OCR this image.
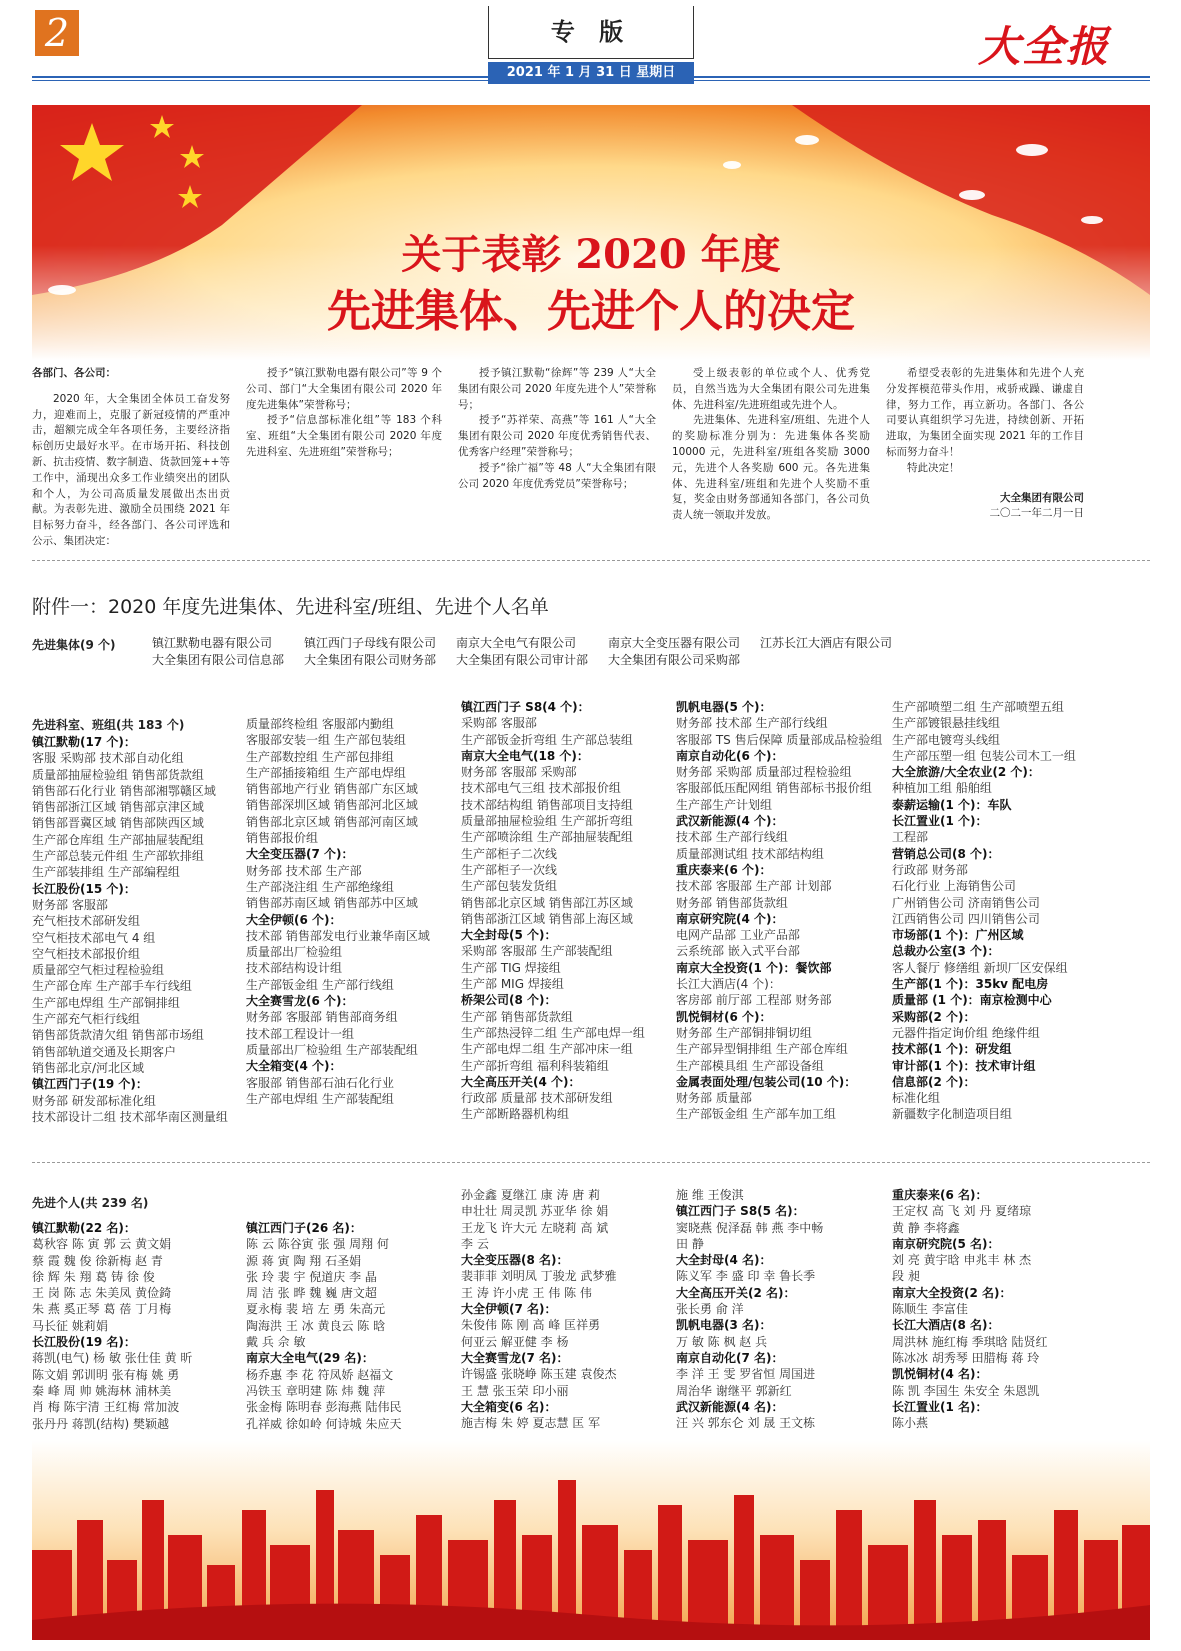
2	专 版
2021 年 1 月 31 日 星期日
大全报
关于表彰 2020 年度
先进集体、先进个人的决定
各部门、各公司：
2020 年，大全集团全体员工奋发努力，迎难而上，克服了新冠疫情的严重冲击，超额完成全年各项任务，主要经济指标创历史最好水平。在市场开拓、科技创新、抗击疫情、数字制造、货款回笼++等工作中，涌现出众多工作业绩突出的团队和个人，为公司高质量发展做出杰出贡献。为表彰先进、激励全员围绕 2021 年目标努力奋斗，经各部门、各公司评选和公示、集团决定：
授予“镇江默勒电器有限公司”等 9 个公司、部门“大全集团有限公司 2020 年度先进集体”荣誉称号；
授予“信息部标准化组”等 183 个科室、班组“大全集团有限公司 2020 年度先进科室、先进班组”荣誉称号；
授予镇江默勒“徐辉”等 239 人“大全集团有限公司 2020 年度先进个人”荣誉称号；
授予“苏祥荣、高燕”等 161 人“大全集团有限公司 2020 年度优秀销售代表、优秀客户经理”荣誉称号；
授予“徐广福”等 48 人“大全集团有限公司 2020 年度优秀党员”荣誉称号；
受上级表彰的单位或个人、优秀党员，自然当选为大全集团有限公司先进集体、先进科室/先进班组或先进个人。
先进集体、先进科室/班组、先进个人的奖励标准分别为：先进集体各奖励 10000 元，先进科室/班组各奖励 3000 元，先进个人各奖励 600 元。各先进集体、先进科室/班组和先进个人奖励不重复，奖金由财务部通知各部门，各公司负责人统一领取并发放。
希望受表彰的先进集体和先进个人充分发挥模范带头作用，戒骄戒躁、谦虚自律，努力工作，再立新功。各部门、各公司要认真组织学习先进，持续创新、开拓进取，为集团全面实现 2021 年的工作目标而努力奋斗！
特此决定！
大全集团有限公司
二〇二一年二月一日
附件一：2020 年度先进集体、先进科室/班组、先进个人名单
先进集体(9 个)	镇江默勒电器有限公司	镇江西门子母线有限公司 南京大全电气有限公司	南京大全变压器有限公司 江苏长江大酒店有限公司
大全集团有限公司信息部 大全集团有限公司财务部 大全集团有限公司审计部 大全集团有限公司采购部
先进科室、班组(共 183 个)
镇江默勒(17 个)：
客服 采购部 技术部自动化组
质量部抽屉检验组 销售部货款组
销售部石化行业 销售部湘鄂赣区域
销售部浙江区域 销售部京津区域
销售部晋冀区域 销售部陕西区域
生产部仓库组 生产部抽屉装配组
生产部总装元件组 生产部软排组
生产部装排组 生产部编程组
长江股份(15 个)：
财务部 客服部
充气柜技术部研发组
空气柜技术部电气 4 组
空气柜技术部报价组
质量部空气柜过程检验组
生产部仓库 生产部手车行线组
生产部电焊组 生产部铜排组
生产部充气柜行线组
销售部货款清欠组 销售部市场组
销售部轨道交通及长期客户
销售部北京/河北区域
镇江西门子(19 个)：
财务部 研发部标准化组
技术部设计二组 技术部华南区测量组
质量部终检组 客服部内勤组
客服部安装一组 生产部包装组
生产部数控组 生产部包排组
生产部插接箱组 生产部电焊组
销售部地产行业 销售部广东区域
销售部深圳区域 销售部河北区域
销售部北京区域 销售部河南区域
销售部报价组
大全变压器(7 个)：
财务部 技术部 生产部
生产部浇注组 生产部绝缘组
销售部苏南区域 销售部苏中区域
大全伊顿(6 个)：
技术部 销售部发电行业兼华南区域
质量部出厂检验组
技术部结构设计组
生产部钣金组 生产部行线组
大全赛雪龙(6 个)：
财务部 客服部 销售部商务组
技术部工程设计一组
质量部出厂检验组 生产部装配组
大全箱变(4 个)：
客服部 销售部石油石化行业
生产部电焊组 生产部装配组
镇江西门子 S8(4 个)：
采购部 客服部
生产部钣金折弯组 生产部总装组
南京大全电气(18 个)：
财务部 客服部 采购部
技术部电气三组 技术部报价组
技术部结构组 销售部项目支持组
质量部抽屉检验组 生产部折弯组
生产部喷涂组 生产部抽屉装配组
生产部柜子二次线
生产部柜子一次线
生产部包装发货组
销售部北京区域 销售部江苏区域
销售部浙江区域 销售部上海区域
大全封母(5 个)：
采购部 客服部 生产部装配组
生产部 TIG 焊接组
生产部 MIG 焊接组
桥架公司(8 个)：
生产部 销售部货款组
生产部热浸锌二组 生产部电焊一组
生产部电焊二组 生产部冲床一组
生产部折弯组 福利科装箱组
大全高压开关(4 个)：
行政部 质量部 技术部研发组
生产部断路器机构组
凯帆电器(5 个)：
财务部 技术部 生产部行线组
客服部 TS 售后保障 质量部成品检验组
南京自动化(6 个)：
财务部 采购部 质量部过程检验组
客服部低压配网组 销售部标书报价组
生产部生产计划组
武汉新能源(4 个)：
技术部 生产部行线组
质量部测试组 技术部结构组
重庆泰来(6 个)：
技术部 客服部 生产部 计划部
财务部 销售部货款组
南京研究院(4 个)：
电网产品部 工业产品部
云系统部 嵌入式平台部
南京大全投资(1 个)：餐饮部
长江大酒店(4 个)：
客房部 前厅部 工程部 财务部
凯悦铜材(6 个)：
财务部 生产部铜排铜切组
生产部异型铜排组 生产部仓库组
生产部模具组 生产部设备组
金属表面处理/包装公司(10 个)：
财务部 质量部
生产部钣金组 生产部车加工组
生产部喷塑二组 生产部喷塑五组
生产部镀银悬挂线组
生产部电镀弯头线组
生产部压塑一组 包装公司木工一组
大全旅游/大全农业(2 个)：
种植加工组 船舶组
泰薪运输(1 个)：车队
长江置业(1 个)：
工程部
营销总公司(8 个)：
行政部 财务部
石化行业 上海销售公司
广州销售公司 济南销售公司
江西销售公司 四川销售公司
市场部(1 个)：广州区域
总裁办公室(3 个)：
客人餐厅 修缮组 新坝厂区安保组
生产部(1 个)：35kv 配电房
质量部 (1 个)：南京检测中心
采购部(2 个)：
元器件指定询价组 绝缘件组
技术部(1 个)：研发组
审计部(1 个)：技术审计组
信息部(2 个)：
标准化组
新疆数字化制造项目组
先进个人(共 239 名)
镇江默勒(22 名)：
葛秋容 陈 寅 郭 云 黄文娟
蔡 霞 魏 俊 徐新梅 赵 青
徐 辉 朱 翔 葛 铸 徐 俊
王 岗 陈 志 朱美凤 黄俭錡
朱 燕 奚正琴 葛 蓓 丁月梅
马长征 姚莉娟
长江股份(19 名)：
蒋凯(电气) 杨 敏 张仕佳 黄 昕
陈文娟 郭训明 张有梅 姚 勇
秦 峰 周 帅 姚海林 浦林美
肖 梅 陈宇清 王红梅 常加波
张丹丹 蒋凯(结构) 樊颖越
镇江西门子(26 名)：
陈 云 陈谷寅 张 强 周翔 何
源 蒋 寅 陶 翔 石圣娟
张 玲 裴 宇 倪道庆 李 晶
周 洁 张 晔 魏 巍 唐文超
夏永梅 裴 培 左 勇 朱高元
陶海洪 王 冰 黄良云 陈 晗
戴 兵 佘 敏
南京大全电气(29 名)：
杨乔惠 李 花 符凤娇 赵福文
冯铁玉 章明建 陈 炜 魏 萍
张金梅 陈明春 彭海燕 陆伟民
孔祥威 徐如岭 何诗城 朱应天
孙金鑫 夏继江 康 涛 唐 莉
申壮壮 周灵凯 苏亚华 徐 娟
王龙飞 许大元 左晓莉 高 斌
李 云
大全变压器(8 名)：
裴菲菲 刘明凤 丁骏龙 武梦雅
王 涛 许小虎 王 伟 陈 伟
大全伊顿(7 名)：
朱俊伟 陈 刚 高 峰 匡祥勇
何亚云 解亚健 李 杨
大全赛雪龙(7 名)：
许锡盛 张晓峥 陈玉建 袁俊杰
王 慧 张玉荣 印小丽
大全箱变(6 名)：
施吉梅 朱 婷 夏志慧 匡 军
施 维 王俊淇
镇江西门子 S8(5 名)：
窦晓燕 倪泽磊 韩 燕 李中畅
田 静
大全封母(4 名)：
陈义军 李 盛 印 幸 鲁长季
大全高压开关(2 名)：
张长勇 俞 洋
凯帆电器(3 名)：
万 敏 陈 枫 赵 兵
南京自动化(7 名)：
李 洋 王 雯 罗省恒 周国进
周治华 谢继平 郭新红
武汉新能源(4 名)：
汪 兴 郭东仑 刘 晟 王文栋
重庆泰来(6 名)：
王定权 高 飞 刘 丹 夏绪琼
黄 静 李将鑫
南京研究院(5 名)：
刘 亮 黄宇晗 申兆丰 林 杰
段 昶
南京大全投资(2 名)：
陈顺生 李富佳
长江大酒店(8 名)：
周洪林 施红梅 季琪晗 陆贤红
陈冰冰 胡秀琴 田腊梅 蒋 玲
凯悦铜材(4 名)：
陈 凯 李国生 朱安全 朱恩凯
长江置业(1 名)：
陈小燕
